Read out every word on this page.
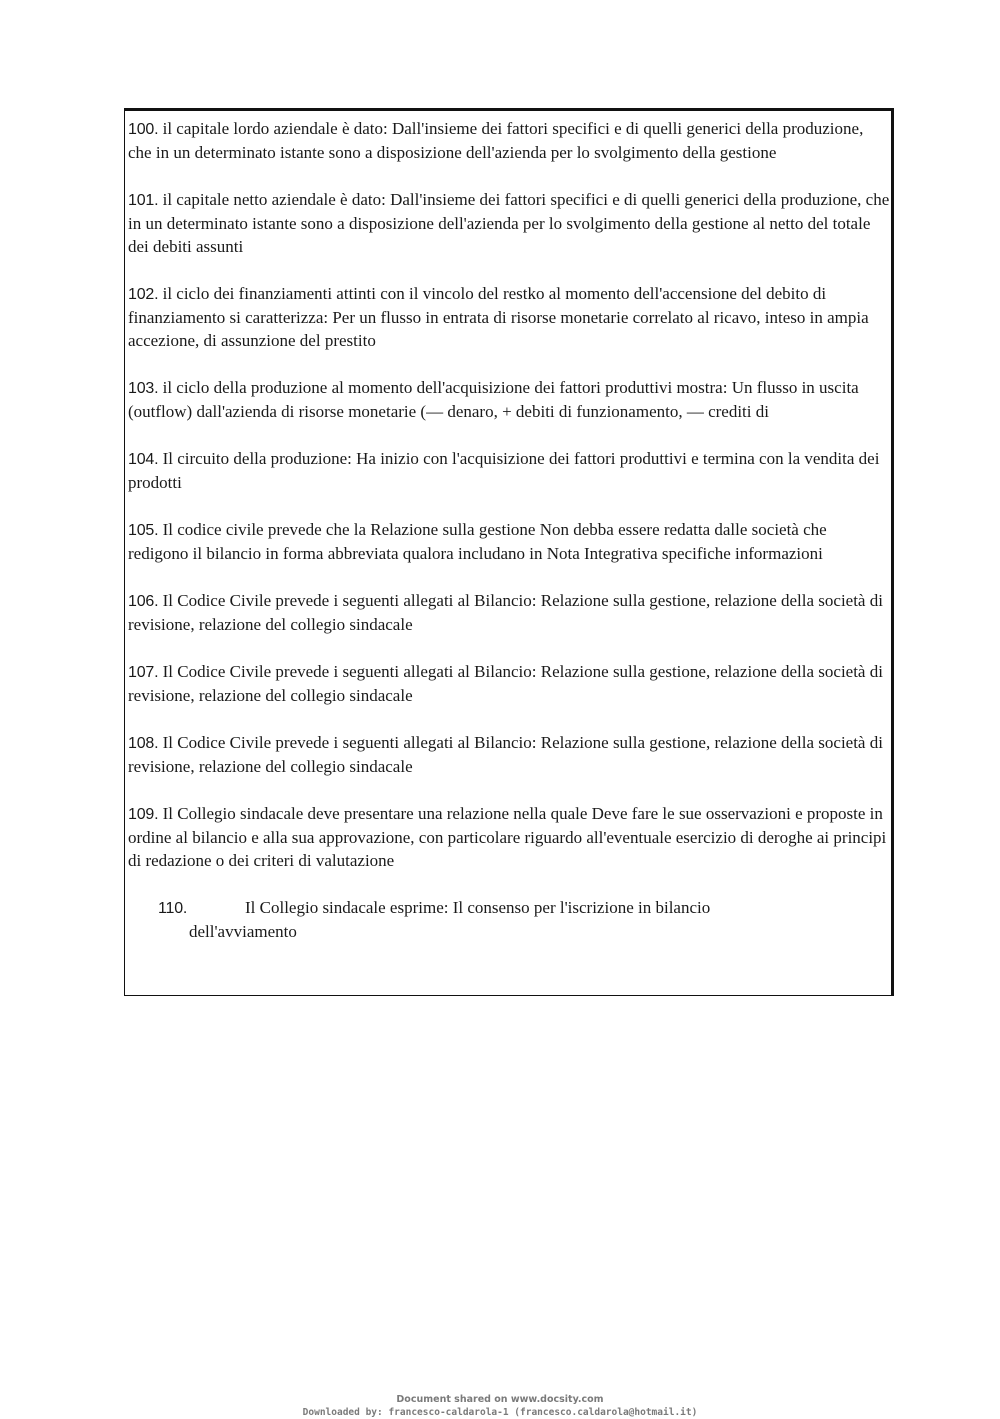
100. il capitale lordo aziendale è dato: Dall'insieme dei fattori specifici e di quelli generici della produzione, che in un determinato istante sono a disposizione dell'azienda per lo svolgimento della gestione

101. il capitale netto aziendale è dato: Dall'insieme dei fattori specifici e di quelli generici della produzione, che in un determinato istante sono a disposizione dell'azienda per lo svolgimento della gestione al netto del totale dei debiti assunti

102. il ciclo dei finanziamenti attinti con il vincolo del restko al momento dell'accensione del debito di finanziamento si caratterizza: Per un flusso in entrata di risorse monetarie correlato al ricavo, inteso in ampia accezione, di assunzione del prestito

103. il ciclo della produzione al momento dell'acquisizione dei fattori produttivi mostra: Un flusso in uscita (outflow) dall'azienda di risorse monetarie (— denaro, + debiti di funzionamento, — crediti di

104. Il circuito della produzione: Ha inizio con l'acquisizione dei fattori produttivi e termina con la vendita dei prodotti

105. Il codice civile prevede che la Relazione sulla gestione Non debba essere redatta dalle società che redigono il bilancio in forma abbreviata qualora includano in Nota Integrativa specifiche informazioni

106. Il Codice Civile prevede i seguenti allegati al Bilancio: Relazione sulla gestione, relazione della società di revisione, relazione del collegio sindacale

107. Il Codice Civile prevede i seguenti allegati al Bilancio: Relazione sulla gestione, relazione della società di revisione, relazione del collegio sindacale

108. Il Codice Civile prevede i seguenti allegati al Bilancio: Relazione sulla gestione, relazione della società di revisione, relazione del collegio sindacale

109. Il Collegio sindacale deve presentare una relazione nella quale Deve fare le sue osservazioni e proposte in ordine al bilancio e alla sua approvazione, con particolare riguardo all'eventuale esercizio di deroghe ai principi di redazione o dei criteri di valutazione

110.	Il Collegio sindacale esprime: Il consenso per l'iscrizione in bilancio
dell'avviamento

Document shared on www.docsity.com
Downloaded by: francesco-caldarola-1 (francesco.caldarola@hotmail.it)
